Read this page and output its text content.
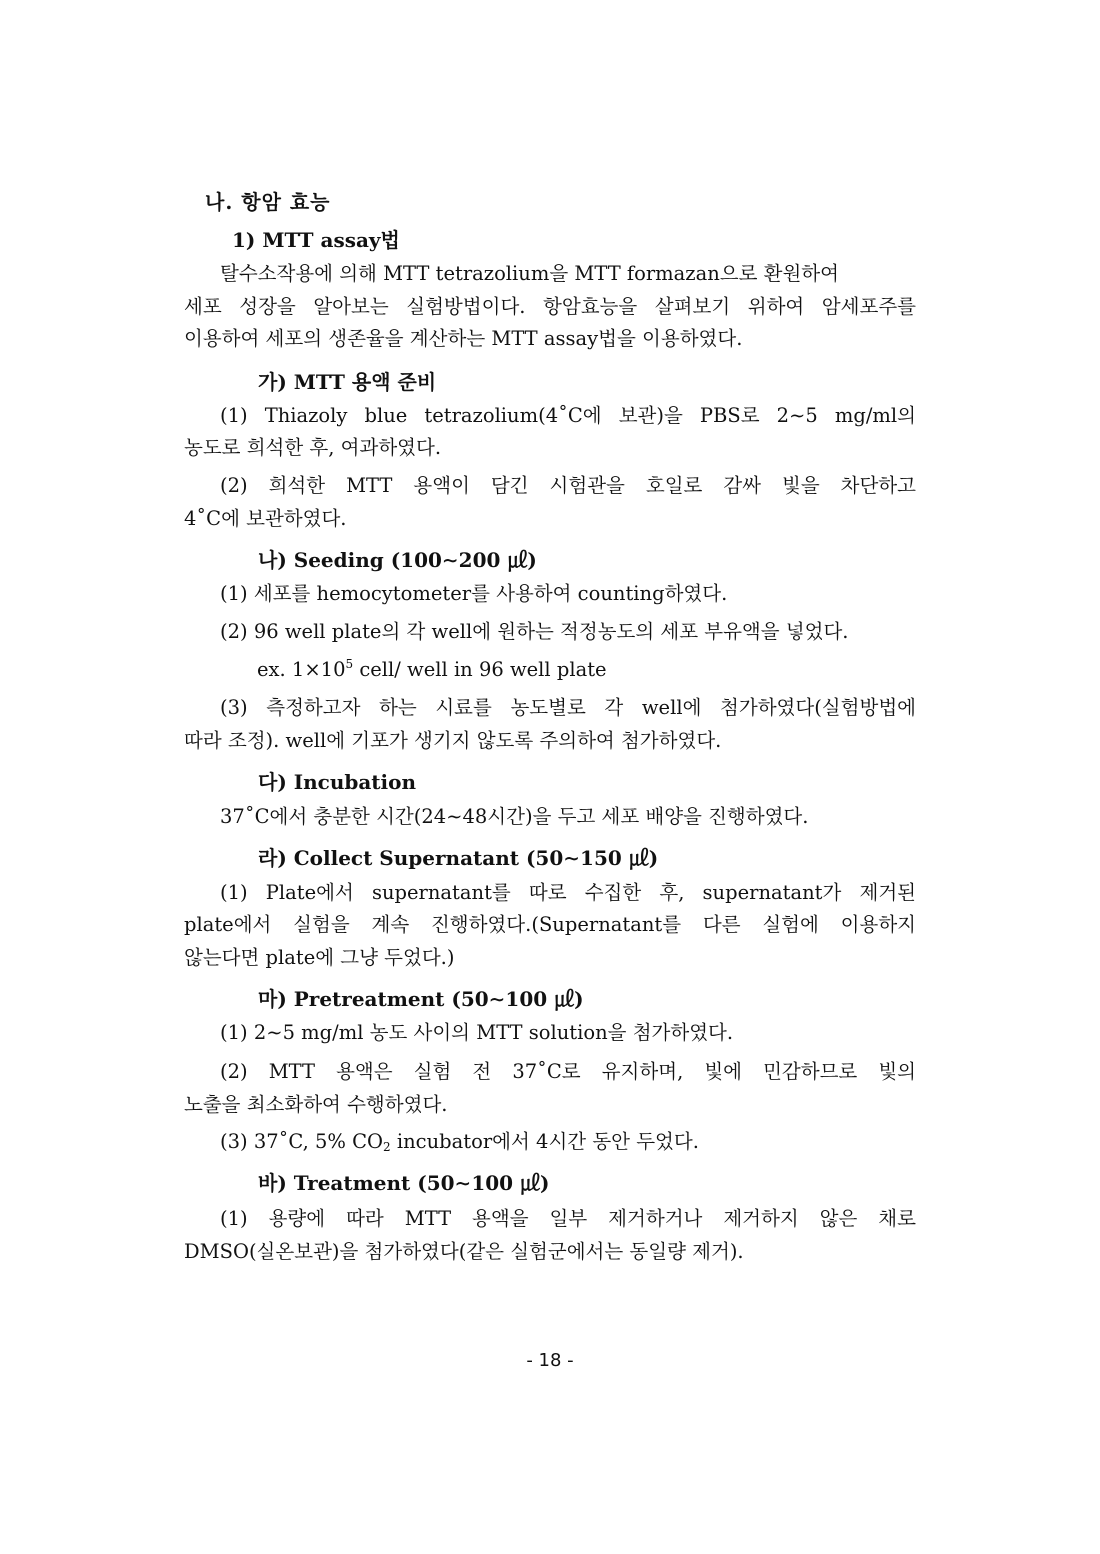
나. 항암 효능
1) MTT assay법
탈수소작용에 의해 MTT tetrazolium을 MTT formazan으로 환원하여
세포 성장을 알아보는 실험방법이다. 항암효능을 살펴보기 위하여 암세포주를
이용하여 세포의 생존율을 계산하는 MTT assay법을 이용하였다.
가) MTT 용액 준비
(1) Thiazoly blue tetrazolium(4˚C에 보관)을 PBS로 2∼5 mg/ml의
농도로 희석한 후, 여과하였다.
(2) 희석한 MTT 용액이 담긴 시험관을 호일로 감싸 빛을 차단하고
4˚C에 보관하였다.
나) Seeding (100∼200 ㎕)
(1) 세포를 hemocytometer를 사용하여 counting하였다.
(2) 96 well plate의 각 well에 원하는 적정농도의 세포 부유액을 넣었다.
ex. $1\times 10^5$ cell/ well in 96 well plate
(3) 측정하고자 하는 시료를 농도별로 각 well에 첨가하였다(실험방법에
따라 조정). well에 기포가 생기지 않도록 주의하여 첨가하였다.
다) Incubation
37˚C에서 충분한 시간(24∼48시간)을 두고 세포 배양을 진행하였다.
라) Collect Supernatant (50∼150 ㎕)
(1) Plate에서 supernatant를 따로 수집한 후, supernatant가 제거된
plate에서 실험을 계속 진행하였다.(Supernatant를 다른 실험에 이용하지
않는다면 plate에 그냥 두었다.)
마) Pretreatment (50∼100 ㎕)
(1) 2∼5 mg/ml 농도 사이의 MTT solution을 첨가하였다.
(2) MTT 용액은 실험 전 37˚C로 유지하며, 빛에 민감하므로 빛의
노출을 최소화하여 수행하였다.
(3) 37˚C, 5% $CO_2$ incubator에서 4시간 동안 두었다.
바) Treatment (50∼100 ㎕)
(1) 용량에 따라 MTT 용액을 일부 제거하거나 제거하지 않은 채로
DMSO(실온보관)을 첨가하였다(같은 실험군에서는 동일량 제거).
- 18 -
